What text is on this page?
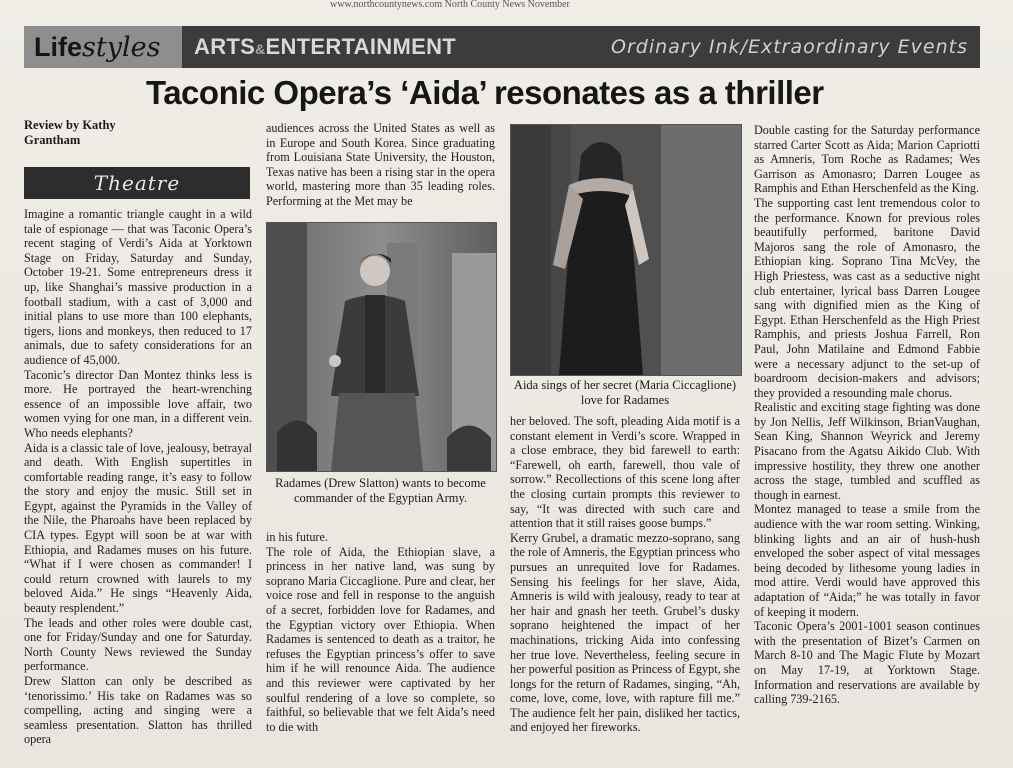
www.northcountynews.com North County News November
Life styles ARTS&ENTERTAINMENT	Ordinary Ink/Extraordinary Events
Taconic Opera’s ‘Aida’ resonates as a thriller
Review by Kathy Grantham
Theatre

Imagine a romantic triangle caught in a wild tale of espionage — that was Taconic Opera’s recent staging of Verdi’s Aida at Yorktown Stage on Friday, Saturday and Sunday, October 19-21. Some entrepreneurs dress it up, like Shanghai’s massive production in a football stadium, with a cast of 3,000 and initial plans to use more than 100 elephants, tigers, lions and monkeys, then reduced to 17 animals, due to safety considerations for an audience of 45,000.

Taconic’s director Dan Montez thinks less is more. He portrayed the heart-wrenching essence of an impossible love affair, two women vying for one man, in a different vein. Who needs elephants?

Aida is a classic tale of love, jealousy, betrayal and death. With English supertitles in comfortable reading range, it’s easy to follow the story and enjoy the music. Still set in Egypt, against the Pyramids in the Valley of the Nile, the Pharoahs have been replaced by CIA types. Egypt will soon be at war with Ethiopia, and Radames muses on his future. “What if I were chosen as commander! I could return crowned with laurels to my beloved Aida.” He sings “Heavenly Aida, beauty resplendent.”

The leads and other roles were double cast, one for Friday/Sunday and one for Saturday. North County News reviewed the Sunday performance.

Drew Slatton can only be described as ‘tenorissimo.’ His take on Radames was so compelling, acting and singing were a seamless presentation. Slatton has thrilled opera

audiences across the United States as well as in Europe and South Korea. Since graduating from Louisiana State University, the Houston, Texas native has been a rising star in the opera world, mastering more than 35 leading roles. Performing at the Met may be

Radames (Drew Slatton) wants to become commander of the Egyptian Army.

in his future.

The role of Aida, the Ethiopian slave, a princess in her native land, was sung by soprano Maria Ciccaglione. Pure and clear, her voice rose and fell in response to the anguish of a secret, forbidden love for Radames, and the Egyptian victory over Ethiopia. When Radames is sentenced to death as a traitor, he refuses the Egyptian princess’s offer to save him if he will renounce Aida. The audience and this reviewer were captivated by her soulful rendering of a love so complete, so faithful, so believable that we felt Aida’s need to die with

Aida sings of her secret (Maria Ciccaglione) love for Radames

her beloved. The soft, pleading Aida motif is a constant element in Verdi’s score. Wrapped in a close embrace, they bid farewell to earth: “Farewell, oh earth, farewell, thou vale of sorrow.” Recollections of this scene long after the closing curtain prompts this reviewer to say, “It was directed with such care and attention that it still raises goose bumps.”

Kerry Grubel, a dramatic mezzo-soprano, sang the role of Amneris, the Egyptian princess who pursues an unrequited love for Radames. Sensing his feelings for her slave, Aida, Amneris is wild with jealousy, ready to tear at her hair and gnash her teeth. Grubel’s dusky soprano heightened the impact of her machinations, tricking Aida into confessing her true love. Nevertheless, feeling secure in her powerful position as Princess of Egypt, she longs for the return of Radames, singing, “Ah, come, love, come, love, with rapture fill me.” The audience felt her pain, disliked her tactics, and enjoyed her fireworks.

Double casting for the Saturday performance starred Carter Scott as Aida; Marion Capriotti as Amneris, Tom Roche as Radames; Wes Garrison as Amonasro; Darren Lougee as Ramphis and Ethan Herschenfeld as the King.

The supporting cast lent tremendous color to the performance. Known for previous roles beautifully performed, baritone David Majoros sang the role of Amonasro, the Ethiopian king. Soprano Tina McVey, the High Priestess, was cast as a seductive night club entertainer, lyrical bass Darren Lougee sang with dignified mien as the King of Egypt. Ethan Herschenfeld as the High Priest Ramphis, and priests Joshua Farrell, Ron Paul, John Matilaine and Edmond Fabbie were a necessary adjunct to the set-up of boardroom decision-makers and advisors; they provided a resounding male chorus.

Realistic and exciting stage fighting was done by Jon Nellis, Jeff Wilkinson, BrianVaughan, Sean King, Shannon Weyrick and Jeremy Pisacano from the Agatsu Aikido Club. With impressive hostility, they threw one another across the stage, tumbled and scuffled as though in earnest.

Montez managed to tease a smile from the audience with the war room setting. Winking, blinking lights and an air of hush-hush enveloped the sober aspect of vital messages being decoded by lithesome young ladies in mod attire. Verdi would have approved this adaptation of “Aida;” he was totally in favor of keeping it modern.

Taconic Opera’s 2001-1001 season continues with the presentation of Bizet’s Carmen on March 8-10 and The Magic Flute by Mozart on May 17-19, at Yorktown Stage. Information and reservations are available by calling 739-2165.
